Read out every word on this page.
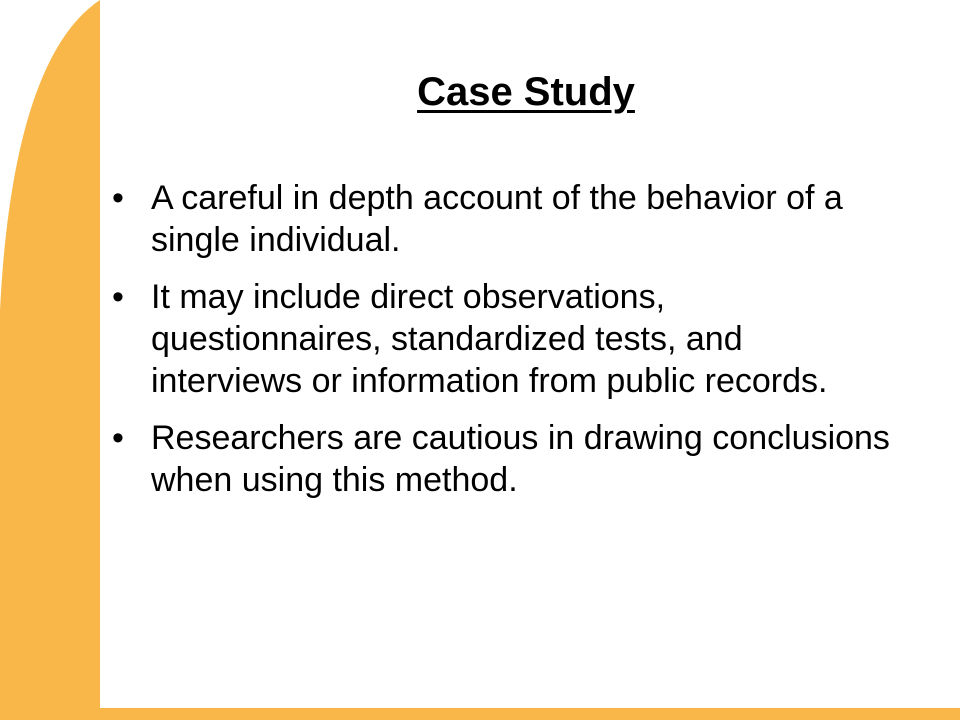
Case Study
• A careful in depth account of the behavior of a single individual.
• It may include direct observations, questionnaires, standardized tests, and interviews or information from public records.
• Researchers are cautious in drawing conclusions when using this method.
